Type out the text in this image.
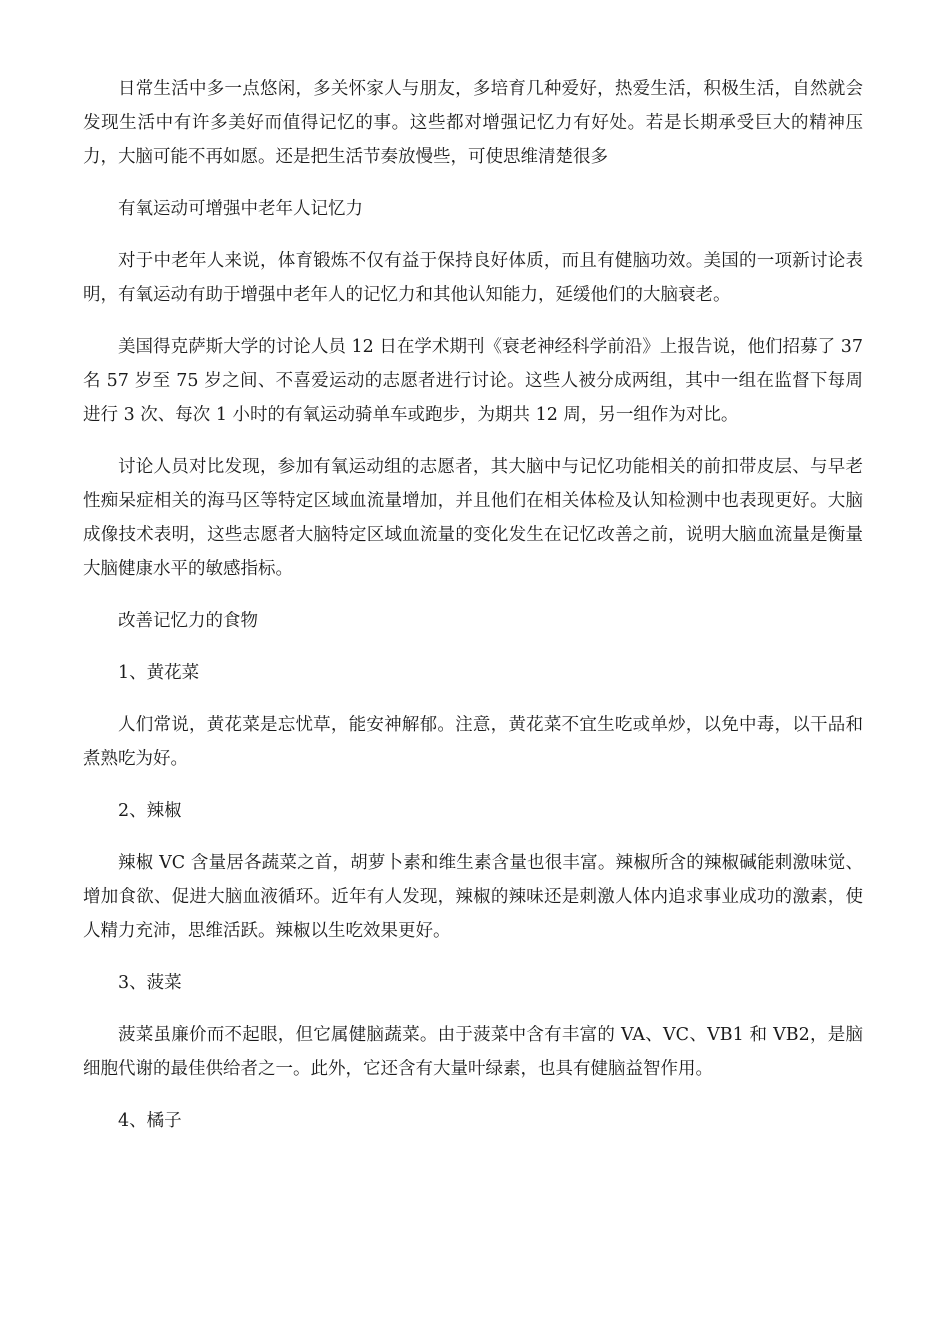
日常生活中多一点悠闲，多关怀家人与朋友，多培育几种爱好，热爱生活，积极生活，自然就会发现生活中有许多美好而值得记忆的事。这些都对增强记忆力有好处。若是长期承受巨大的精神压力，大脑可能不再如愿。还是把生活节奏放慢些，可使思维清楚很多

有氧运动可增强中老年人记忆力

对于中老年人来说，体育锻炼不仅有益于保持良好体质，而且有健脑功效。美国的一项新讨论表明，有氧运动有助于增强中老年人的记忆力和其他认知能力，延缓他们的大脑衰老。

美国得克萨斯大学的讨论人员 12 日在学术期刊《衰老神经科学前沿》上报告说，他们招募了 37 名 57 岁至 75 岁之间、不喜爱运动的志愿者进行讨论。这些人被分成两组，其中一组在监督下每周进行 3 次、每次 1 小时的有氧运动骑单车或跑步，为期共 12 周，另一组作为对比。

讨论人员对比发现，参加有氧运动组的志愿者，其大脑中与记忆功能相关的前扣带皮层、与早老性痴呆症相关的海马区等特定区域血流量增加，并且他们在相关体检及认知检测中也表现更好。大脑成像技术表明，这些志愿者大脑特定区域血流量的变化发生在记忆改善之前，说明大脑血流量是衡量大脑健康水平的敏感指标。

改善记忆力的食物

1、黄花菜

人们常说，黄花菜是忘忧草，能安神解郁。注意，黄花菜不宜生吃或单炒，以免中毒，以干品和煮熟吃为好。

2、辣椒

辣椒 VC 含量居各蔬菜之首，胡萝卜素和维生素含量也很丰富。辣椒所含的辣椒碱能刺激味觉、增加食欲、促进大脑血液循环。近年有人发现，辣椒的辣味还是刺激人体内追求事业成功的激素，使人精力充沛，思维活跃。辣椒以生吃效果更好。

3、菠菜

菠菜虽廉价而不起眼，但它属健脑蔬菜。由于菠菜中含有丰富的 VA、VC、VB1 和 VB2，是脑细胞代谢的最佳供给者之一。此外，它还含有大量叶绿素，也具有健脑益智作用。

4、橘子
